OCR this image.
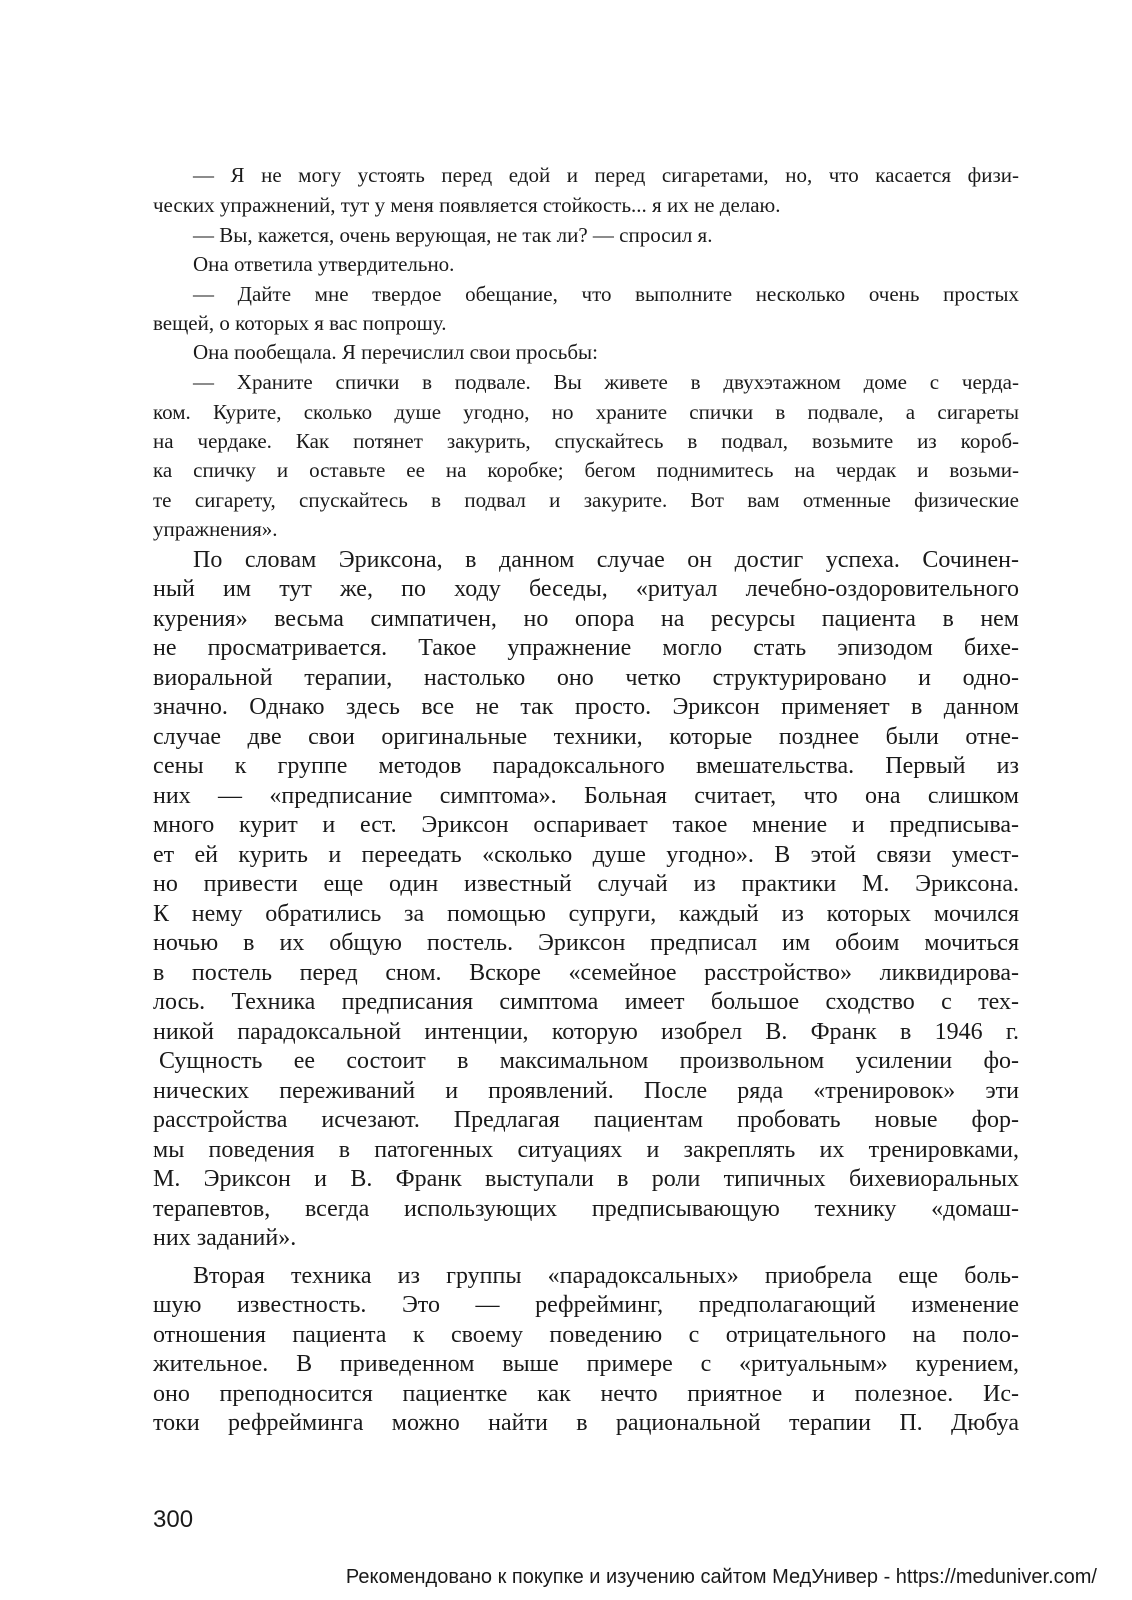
— Я не могу устоять перед едой и перед сигаретами, но, что касается физи-

ческих упражнений, тут у меня появляется стойкость... я их не делаю.

— Вы, кажется, очень верующая, не так ли? — спросил я.

Она ответила утвердительно.

— Дайте мне твердое обещание, что выполните несколько очень простых

вещей, о которых я вас попрошу.

Она пообещала. Я перечислил свои просьбы:

— Храните спички в подвале. Вы живете в двухэтажном доме с черда-

ком. Курите, сколько душе угодно, но храните спички в подвале, а сигареты

на чердаке. Как потянет закурить, спускайтесь в подвал, возьмите из короб-

ка спичку и оставьте ее на коробке; бегом поднимитесь на чердак и возьми-

те сигарету, спускайтесь в подвал и закурите. Вот вам отменные физические

упражнения».

По словам Эриксона, в данном случае он достиг успеха. Сочинен-

ный им тут же, по ходу беседы, «ритуал лечебно-оздоровительного

курения» весьма симпатичен, но опора на ресурсы пациента в нем

не просматривается. Такое упражнение могло стать эпизодом бихе-

виоральной терапии, настолько оно четко структурировано и одно-

значно. Однако здесь все не так просто. Эриксон применяет в данном

случае две свои оригинальные техники, которые позднее были отне-

сены к группе методов парадоксального вмешательства. Первый из

них — «предписание симптома». Больная считает, что она слишком

много курит и ест. Эриксон оспаривает такое мнение и предписыва-

ет ей курить и переедать «сколько душе угодно». В этой связи умест-

но привести еще один известный случай из практики М. Эриксона.

К нему обратились за помощью супруги, каждый из которых мочился

ночью в их общую постель. Эриксон предписал им обоим мочиться

в постель перед сном. Вскоре «семейное расстройство» ликвидирова-

лось. Техника предписания симптома имеет большое сходство с тех-

никой парадоксальной интенции, которую изобрел В. Франк в 1946 г.

Сущность ее состоит в максимальном произвольном усилении фо-

нических переживаний и проявлений. После ряда «тренировок» эти

расстройства исчезают. Предлагая пациентам пробовать новые фор-

мы поведения в патогенных ситуациях и закреплять их тренировками,

М. Эриксон и В. Франк выступали в роли типичных бихевиоральных

терапевтов, всегда использующих предписывающую технику «домаш-

них заданий».

Вторая техника из группы «парадоксальных» приобрела еще боль-

шую известность. Это — рефрейминг, предполагающий изменение

отношения пациента к своему поведению с отрицательного на поло-

жительное. В приведенном выше примере с «ритуальным» курением,

оно преподносится пациентке как нечто приятное и полезное. Ис-

токи рефрейминга можно найти в рациональной терапии П. Дюбуа

300

Рекомендовано к покупке и изучению сайтом МедУнивер - https://meduniver.com/
